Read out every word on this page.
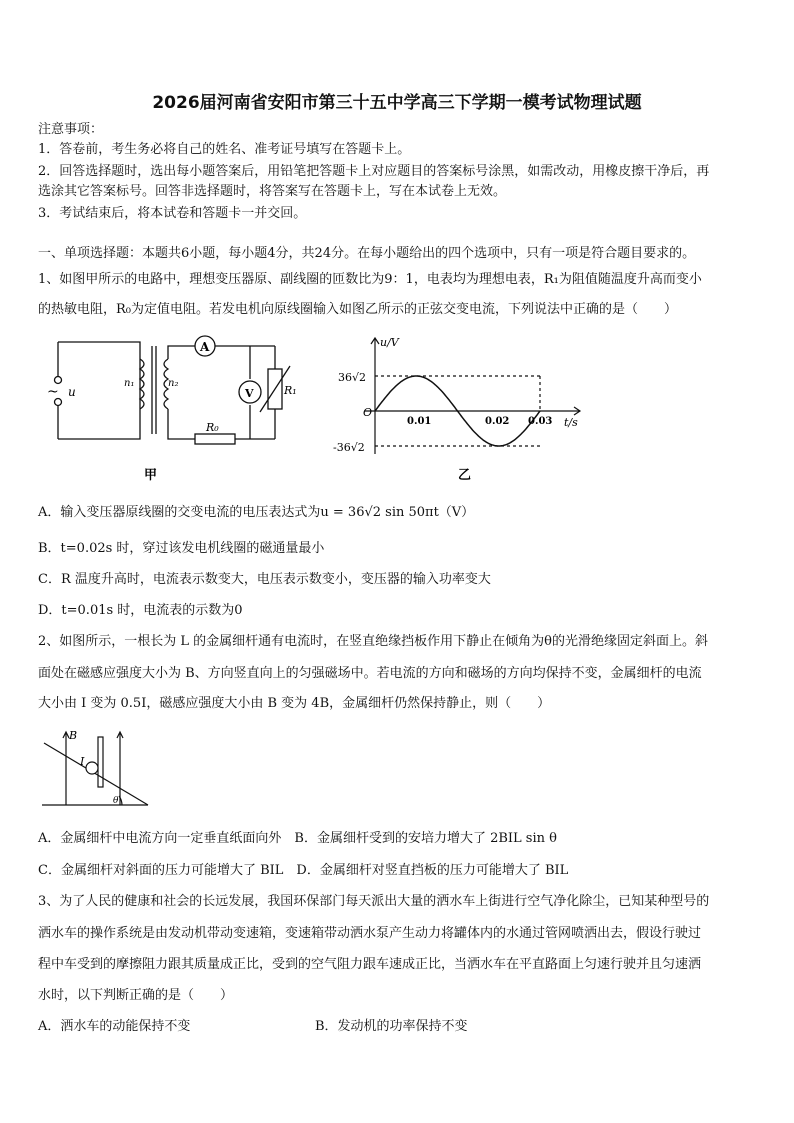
2026届河南省安阳市第三十五中学高三下学期一模考试物理试题
注意事项：
1．答卷前，考生务必将自己的姓名、准考证号填写在答题卡上。
2．回答选择题时，选出每小题答案后，用铅笔把答题卡上对应题目的答案标号涂黑，如需改动，用橡皮擦干净后，再
选涂其它答案标号。回答非选择题时，将答案写在答题卡上，写在本试卷上无效。
3．考试结束后，将本试卷和答题卡一并交回。
一、单项选择题：本题共6小题，每小题4分，共24分。在每小题给出的四个选项中，只有一项是符合题目要求的。
1、如图甲所示的电路中，理想变压器原、副线圈的匝数比为9：1，电表均为理想电表，R₁为阻值随温度升高而变小
的热敏电阻，R₀为定值电阻。若发电机向原线圈输入如图乙所示的正弦交变电流，下列说法中正确的是（　　）
A
V
~ u
n₁	n₂
R₁
R₀
甲
u/V
t/s
36√2
-36√2
O
0.01	0.02 0.03
乙
A．输入变压器原线圈的交变电流的电压表达式为u = 36√2 sin 50πt（V）
B．t=0.02s 时，穿过该发电机线圈的磁通量最小
C．R 温度升高时，电流表示数变大，电压表示数变小，变压器的输入功率变大
D．t=0.01s 时，电流表的示数为0
2、如图所示，一根长为 L 的金属细杆通有电流时，在竖直绝缘挡板作用下静止在倾角为θ的光滑绝缘固定斜面上。斜
面处在磁感应强度大小为 B、方向竖直向上的匀强磁场中。若电流的方向和磁场的方向均保持不变，金属细杆的电流
大小由 I 变为 0.5I，磁感应强度大小由 B 变为 4B，金属细杆仍然保持静止，则（　　）
B
I
θ
A．金属细杆中电流方向一定垂直纸面向外　B．金属细杆受到的安培力增大了 2BIL sin θ
C．金属细杆对斜面的压力可能增大了 BIL　D．金属细杆对竖直挡板的压力可能增大了 BIL
3、为了人民的健康和社会的长远发展，我国环保部门每天派出大量的洒水车上街进行空气净化除尘，已知某种型号的
洒水车的操作系统是由发动机带动变速箱，变速箱带动洒水泵产生动力将罐体内的水通过管网喷洒出去，假设行驶过
程中车受到的摩擦阻力跟其质量成正比，受到的空气阻力跟车速成正比，当洒水车在平直路面上匀速行驶并且匀速洒
水时，以下判断正确的是（　　）
A．洒水车的动能保持不变	B．发动机的功率保持不变
